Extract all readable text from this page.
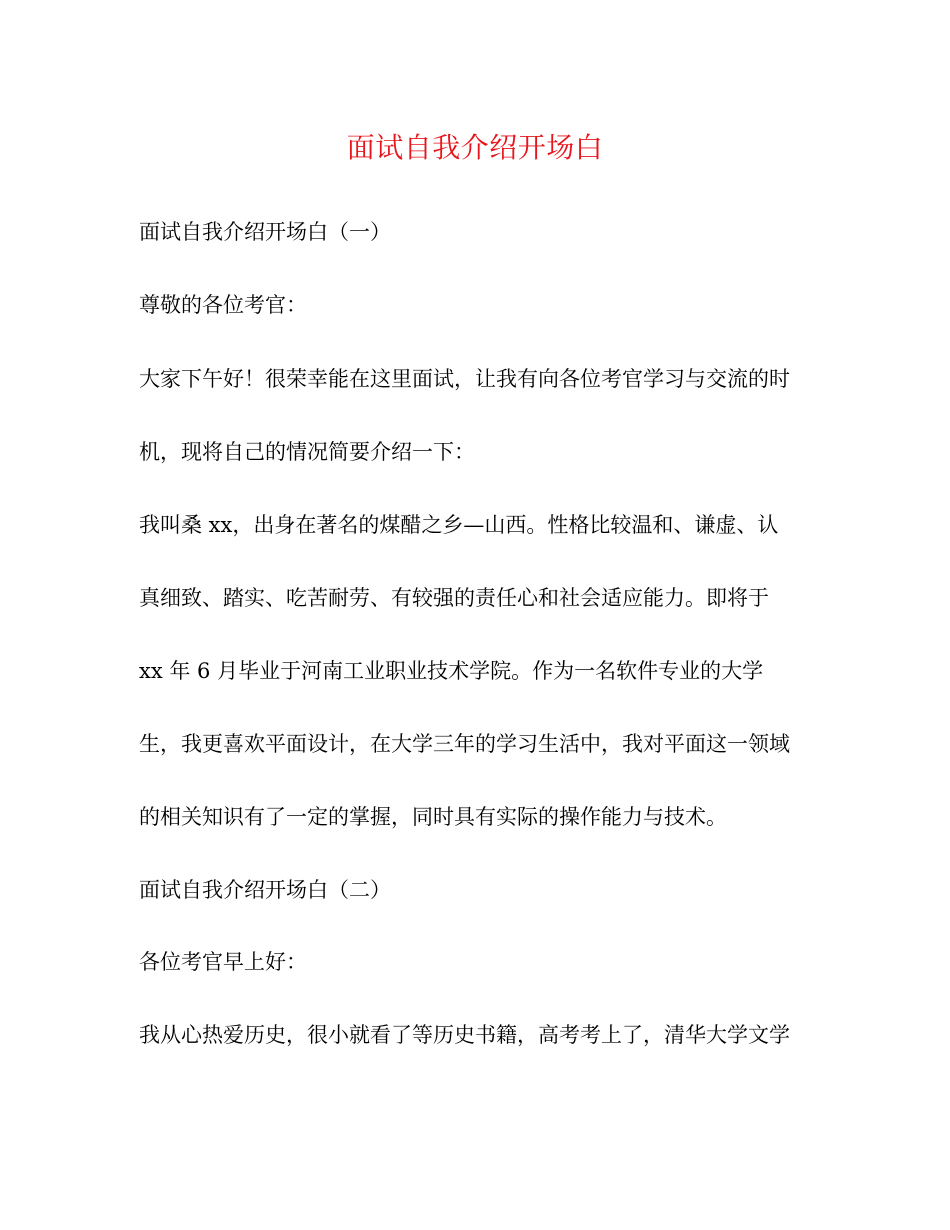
面试自我介绍开场白
面试自我介绍开场白（一）
尊敬的各位考官：
大家下午好！很荣幸能在这里面试，让我有向各位考官学习与交流的时
机，现将自己的情况简要介绍一下：
我叫桑 xx，出身在著名的煤醋之乡—山西。性格比较温和、谦虚、认
真细致、踏实、吃苦耐劳、有较强的责任心和社会适应能力。即将于
xx 年 6 月毕业于河南工业职业技术学院。作为一名软件专业的大学
生，我更喜欢平面设计，在大学三年的学习生活中，我对平面这一领域
的相关知识有了一定的掌握，同时具有实际的操作能力与技术。
面试自我介绍开场白（二）
各位考官早上好：
我从心热爱历史，很小就看了等历史书籍，高考考上了，清华大学文学
